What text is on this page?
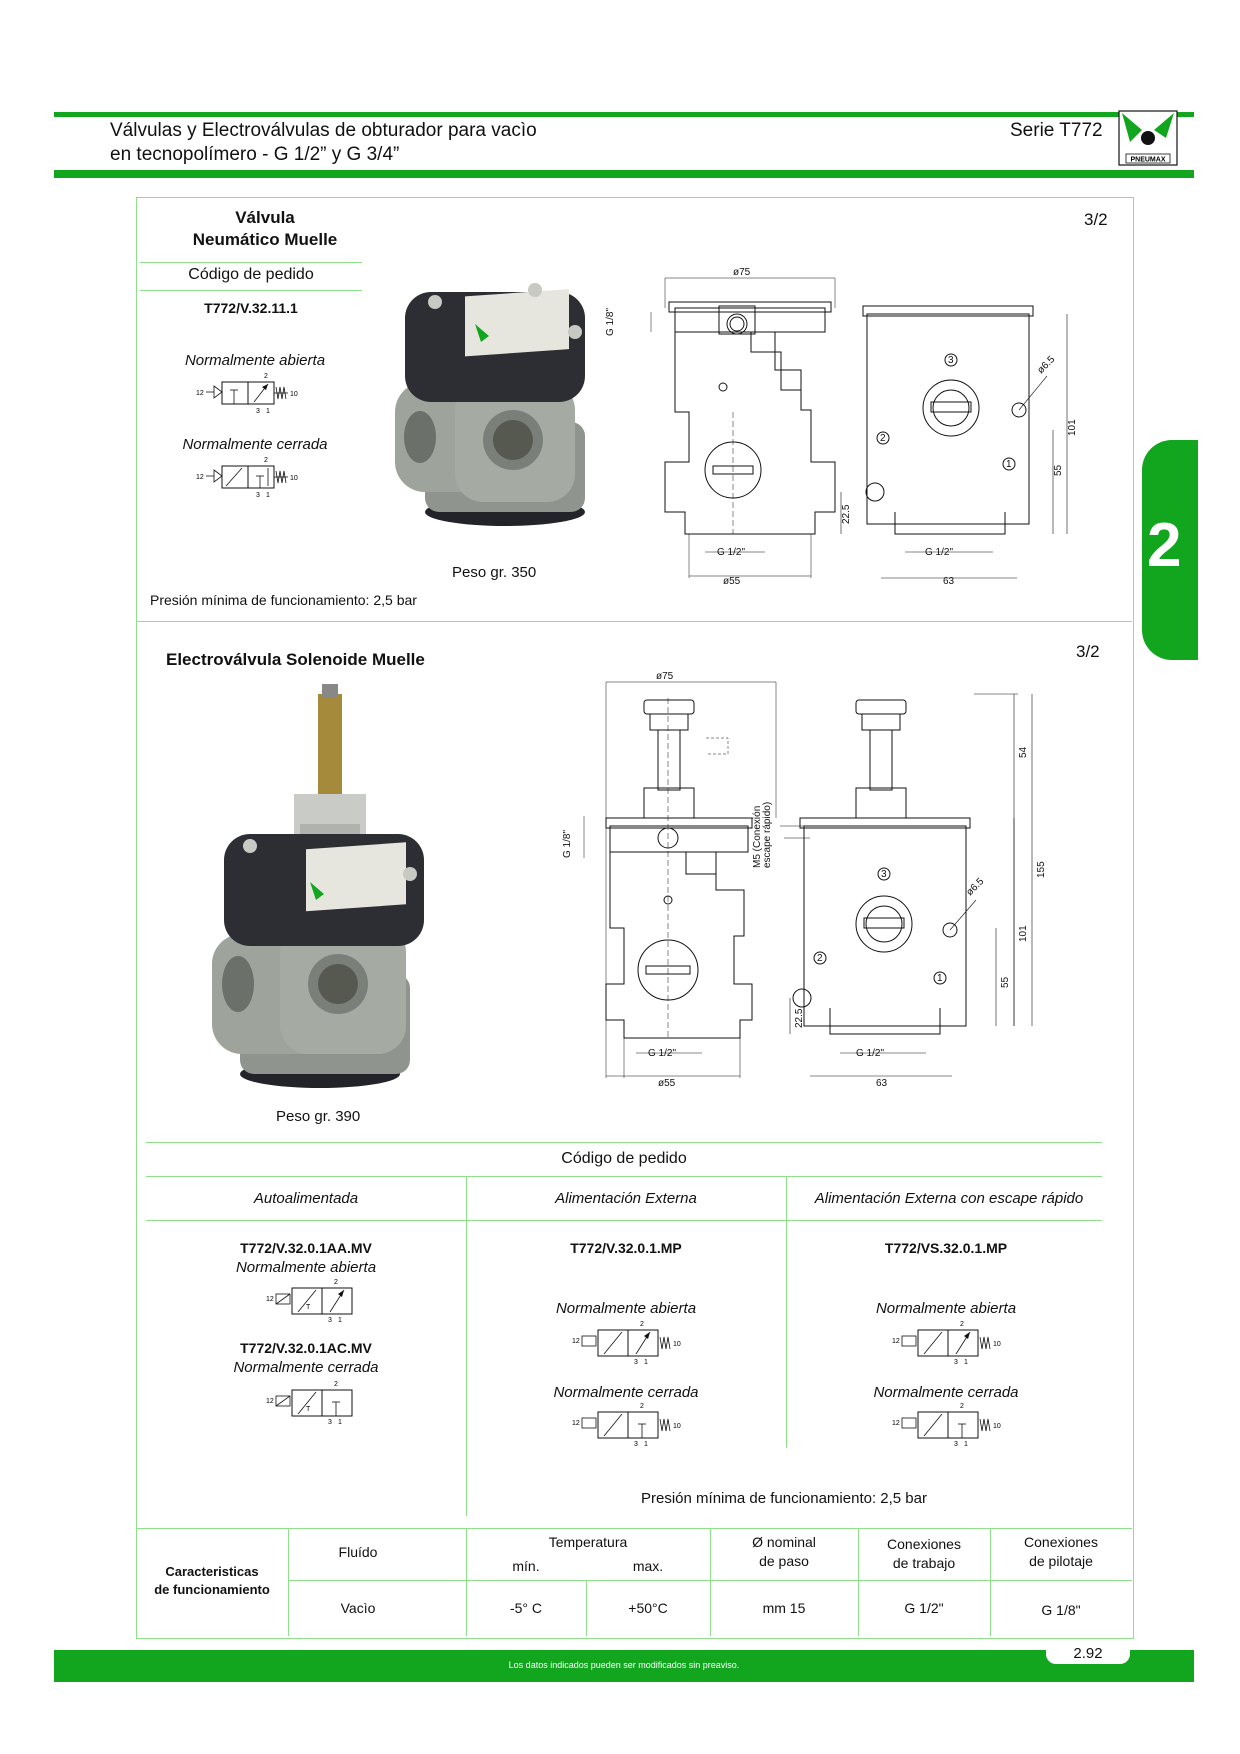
Válvulas y Electroválvulas de obturador para vacìo
en tecnopolímero - G 1/2” y G 3/4”
Serie T772
PNEUMAX
2
Válvula
Neumático Muelle
3/2
Código de pedido
T772/V.32.11.1
Normalmente abierta
12	10
2
3 1
Normalmente cerrada
12	10
2
3 1
ø75
G 1/8"
ø55
G 1/2"	G 1/2"
63
101
55
22.5
ø6.5
3
2
1
Peso gr. 350
Presión mínima de funcionamiento: 2,5 bar
Electroválvula Solenoide Muelle	3/2
ø75
G 1/8"	M5 (Conexión escape rápido)
G 1/2"
ø55
G 1/2"
63
54
155
101
55
22.5
ø6.5
3
2
1
Peso gr. 390
Código de pedido
Autoalimentada	Alimentación Externa	Alimentación Externa con escape rápido
T772/V.32.0.1AA.MV
Normalmente abierta
12
T
2
3 1
T772/V.32.0.1AC.MV
Normalmente cerrada
12
T
2
3 1
T772/V.32.0.1.MP
Normalmente abierta
12	10
2
3 1
Normalmente cerrada
12	10
2
3 1
T772/VS.32.0.1.MP
Normalmente abierta
12	10
2
3 1
Normalmente cerrada
12	10
2
3 1
Presión mínima de funcionamiento: 2,5 bar
Caracteristicas
de funcionamiento
Fluído
Temperatura
mín.	max.
Ø nominal
de paso
Conexiones
de trabajo
Conexiones
de pilotaje
Vacìo	-5° C	+50°C	mm 15	G 1/2"	G 1/8"
Los datos indicados pueden ser modificados sin preaviso.
2.92
